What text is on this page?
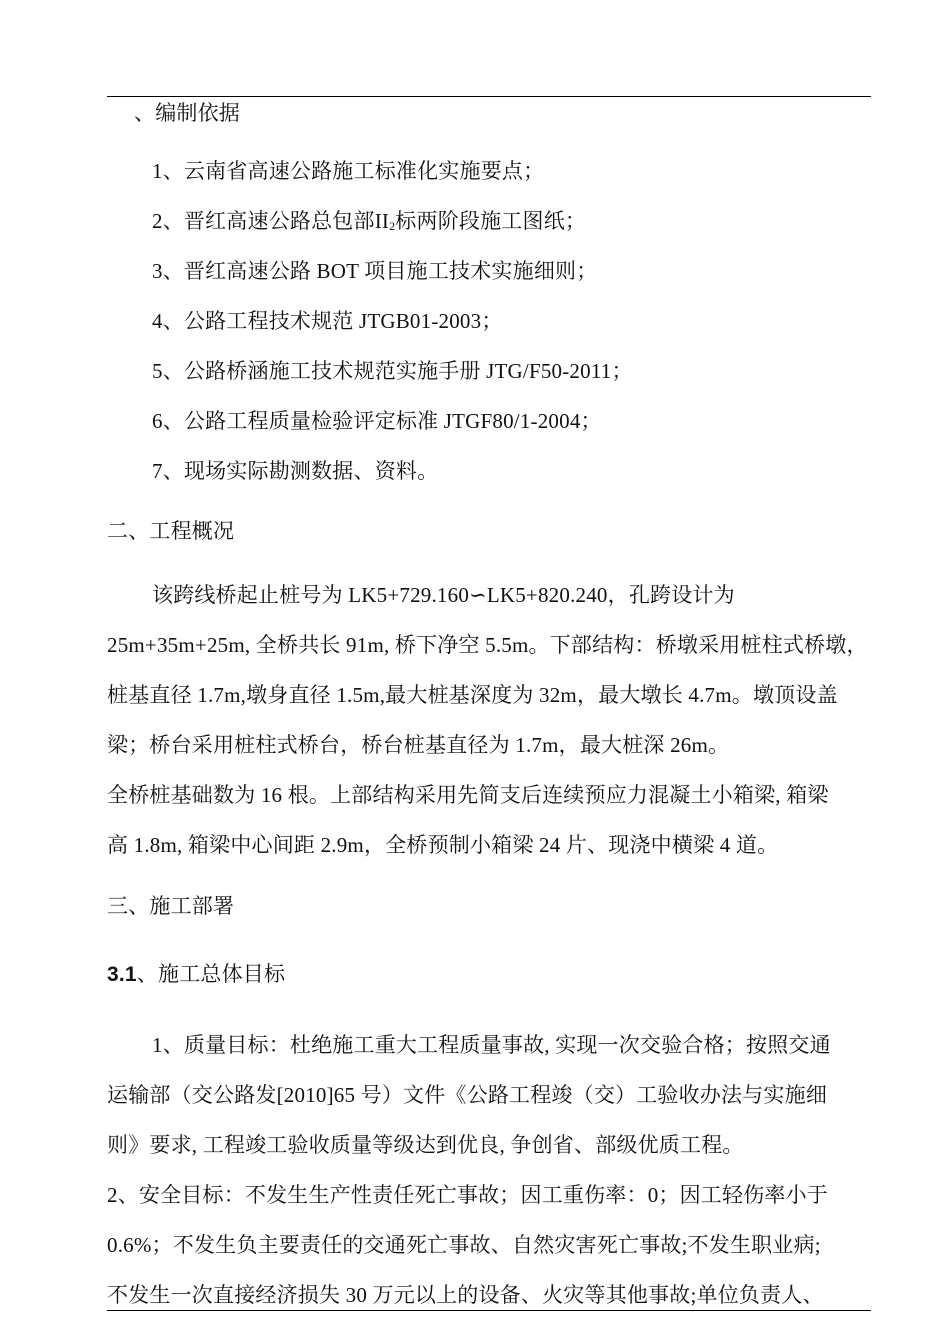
、编制依据
1、云南省高速公路施工标准化实施要点；
2、晋红高速公路总包部$II_2$标两阶段施工图纸；
3、晋红高速公路 BOT 项目施工技术实施细则；
4、公路工程技术规范 JTGB01-2003；
5、公路桥涵施工技术规范实施手册 JTG/F50-2011；
6、公路工程质量检验评定标准 JTGF80/1-2004；
7、现场实际勘测数据、资料。
二、工程概况
该跨线桥起止桩号为 LK5+729.160∽LK5+820.240，孔跨设计为
25m+35m+25m, 全桥共长 91m, 桥下净空 5.5m。下部结构：桥墩采用桩柱式桥墩，
桩基直径 1.7m,墩身直径 1.5m,最大桩基深度为 32m，最大墩长 4.7m。墩顶设盖
梁；桥台采用桩柱式桥台，桥台桩基直径为 1.7m，最大桩深 26m。
全桥桩基础数为 16 根。上部结构采用先简支后连续预应力混凝土小箱梁, 箱梁
高 1.8m, 箱梁中心间距 2.9m，全桥预制小箱梁 24 片、现浇中横梁 4 道。
三、施工部署
3.1、施工总体目标
1、质量目标：杜绝施工重大工程质量事故, 实现一次交验合格；按照交通
运输部（交公路发[2010]65 号）文件《公路工程竣（交）工验收办法与实施细
则》要求, 工程竣工验收质量等级达到优良, 争创省、部级优质工程。
2、安全目标：不发生生产性责任死亡事故；因工重伤率：0；因工轻伤率小于
0.6%；不发生负主要责任的交通死亡事故、自然灾害死亡事故;不发生职业病;
不发生一次直接经济损失 30 万元以上的设备、火灾等其他事故;单位负责人、
